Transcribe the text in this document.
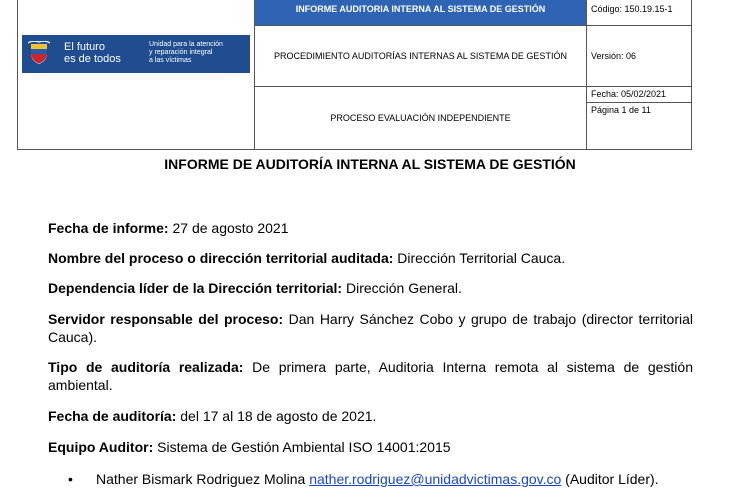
	INFORME AUDITORIA INTERNA AL SISTEMA DE GESTIÓN	Código: 150.19.15-1
	PROCEDIMIENTO AUDITORÍAS INTERNAS AL SISTEMA DE GESTIÓN	Versión: 06
	PROCESO EVALUACIÓN INDEPENDIENTE	Fecha: 05/02/2021
Página 1 de 11
El futuro
es de todos
Unidad para la atención
y reparación integral
a las víctimas
INFORME DE AUDITORÍA INTERNA AL SISTEMA DE GESTIÓN
Fecha de informe: 27 de agosto 2021
Nombre del proceso o dirección territorial auditada: Dirección Territorial Cauca.
Dependencia líder de la Dirección territorial: Dirección General.
Servidor responsable del proceso: Dan Harry Sánchez Cobo y grupo de trabajo (director territorial Cauca).
Tipo de auditoría realizada: De primera parte, Auditoria Interna remota al sistema de gestión ambiental.
Fecha de auditoría: del 17 al 18 de agosto de 2021.
Equipo Auditor: Sistema de Gestión Ambiental ISO 14001:2015
• Nather Bismark Rodriguez Molina nather.rodriguez@unidadvictimas.gov.co (Auditor Líder).
